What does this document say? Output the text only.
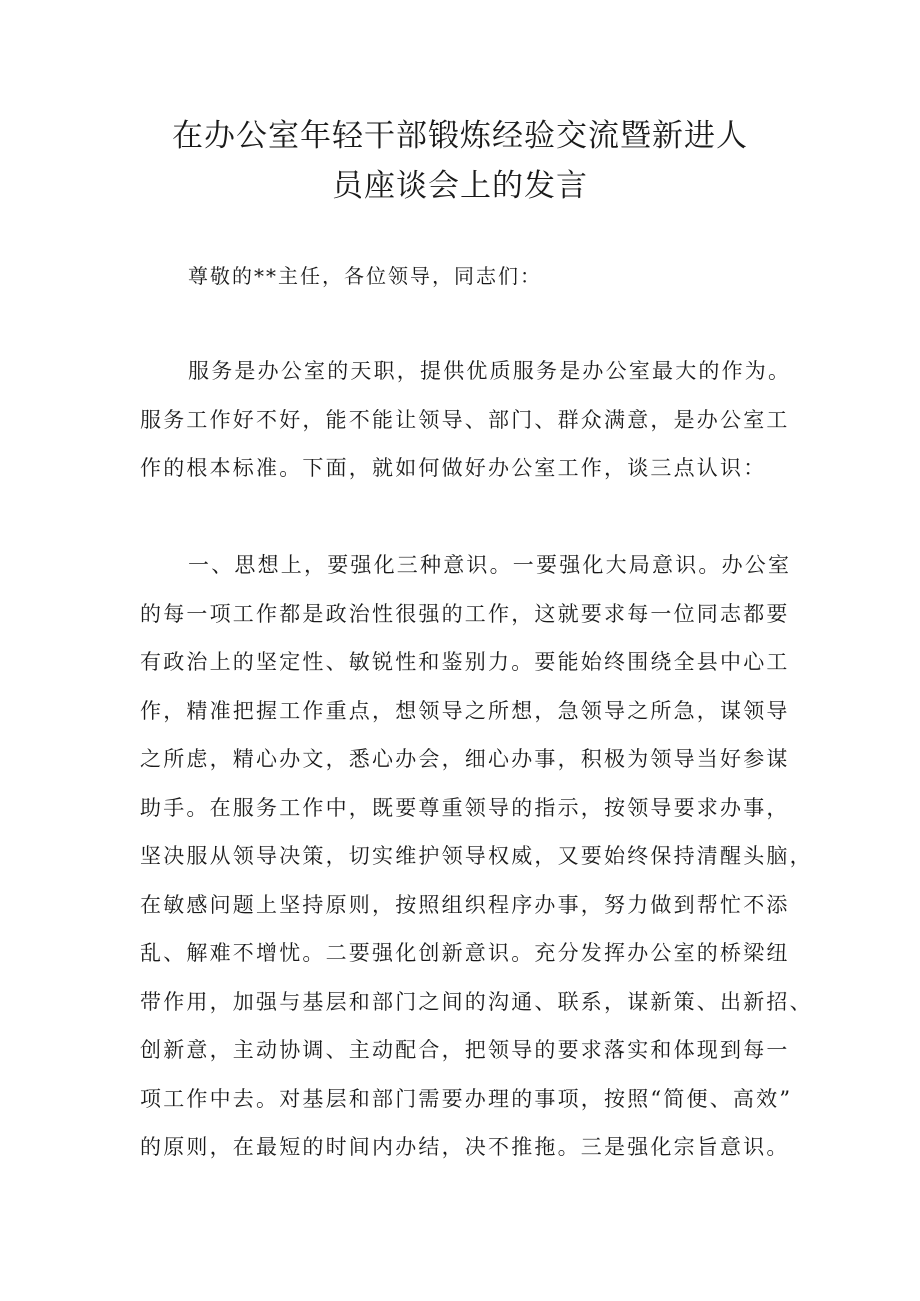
在办公室年轻干部锻炼经验交流暨新进人
员座谈会上的发言

尊敬的**主任，各位领导，同志们：

服务是办公室的天职，提供优质服务是办公室最大的作为。
服务工作好不好，能不能让领导、部门、群众满意，是办公室工
作的根本标准。下面，就如何做好办公室工作，谈三点认识：
一、思想上，要强化三种意识。一要强化大局意识。办公室
的每一项工作都是政治性很强的工作，这就要求每一位同志都要
有政治上的坚定性、敏锐性和鉴别力。要能始终围绕全县中心工
作，精准把握工作重点，想领导之所想，急领导之所急，谋领导
之所虑，精心办文，悉心办会，细心办事，积极为领导当好参谋
助手。在服务工作中，既要尊重领导的指示，按领导要求办事，
坚决服从领导决策，切实维护领导权威，又要始终保持清醒头脑，
在敏感问题上坚持原则，按照组织程序办事，努力做到帮忙不添
乱、解难不增忧。二要强化创新意识。充分发挥办公室的桥梁纽
带作用，加强与基层和部门之间的沟通、联系，谋新策、出新招、
创新意，主动协调、主动配合，把领导的要求落实和体现到每一
项工作中去。对基层和部门需要办理的事项，按照“简便、高效”
的原则，在最短的时间内办结，决不推拖。三是强化宗旨意识。
